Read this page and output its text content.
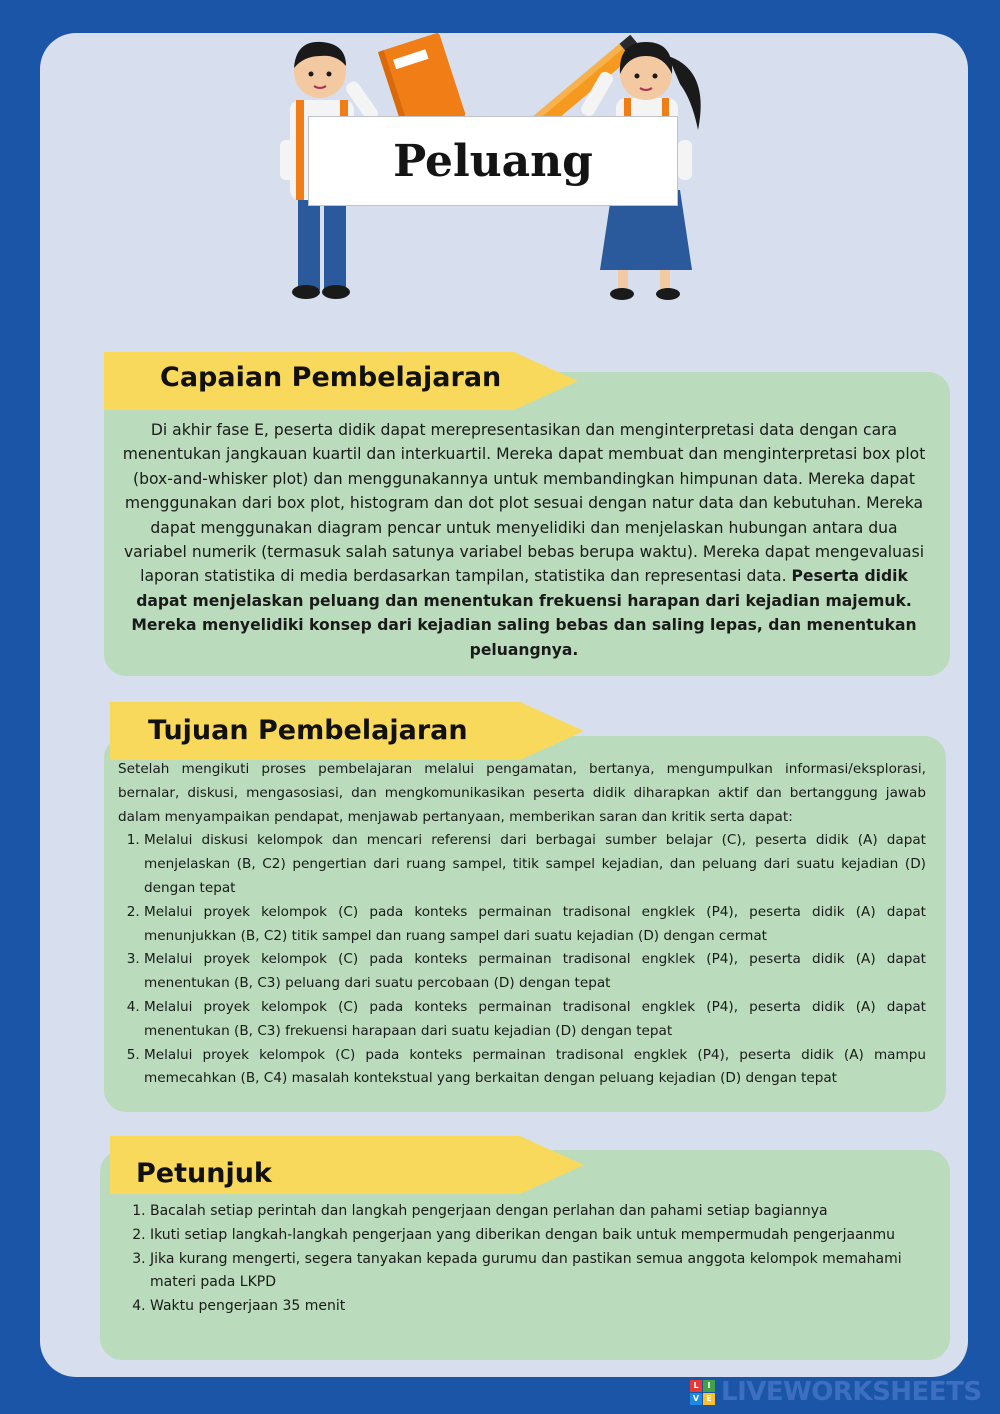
Peluang
Capaian Pembelajaran
Di akhir fase E, peserta didik dapat merepresentasikan dan menginterpretasi data dengan cara menentukan jangkauan kuartil dan interkuartil. Mereka dapat membuat dan menginterpretasi box plot (box-and-whisker plot) dan menggunakannya untuk membandingkan himpunan data. Mereka dapat menggunakan dari box plot, histogram dan dot plot sesuai dengan natur data dan kebutuhan. Mereka dapat menggunakan diagram pencar untuk menyelidiki dan menjelaskan hubungan antara dua variabel numerik (termasuk salah satunya variabel bebas berupa waktu). Mereka dapat mengevaluasi laporan statistika di media berdasarkan tampilan, statistika dan representasi data. Peserta didik dapat menjelaskan peluang dan menentukan frekuensi harapan dari kejadian majemuk. Mereka menyelidiki konsep dari kejadian saling bebas dan saling lepas, dan menentukan peluangnya.
Tujuan Pembelajaran
Setelah mengikuti proses pembelajaran melalui pengamatan, bertanya, mengumpulkan informasi/eksplorasi, bernalar, diskusi, mengasosiasi, dan mengkomunikasikan peserta didik diharapkan aktif dan bertanggung jawab dalam menyampaikan pendapat, menjawab pertanyaan, memberikan saran dan kritik serta dapat:
1. Melalui diskusi kelompok dan mencari referensi dari berbagai sumber belajar (C), peserta didik (A) dapat menjelaskan (B, C2) pengertian dari ruang sampel, titik sampel kejadian, dan peluang dari suatu kejadian (D) dengan tepat
2. Melalui proyek kelompok (C) pada konteks permainan tradisonal engklek (P4), peserta didik (A) dapat menunjukkan (B, C2) titik sampel dan ruang sampel dari suatu kejadian (D) dengan cermat
3. Melalui proyek kelompok (C) pada konteks permainan tradisonal engklek (P4), peserta didik (A) dapat menentukan (B, C3) peluang dari suatu percobaan (D) dengan tepat
4. Melalui proyek kelompok (C) pada konteks permainan tradisonal engklek (P4), peserta didik (A) dapat menentukan (B, C3) frekuensi harapaan dari suatu kejadian (D) dengan tepat
5. Melalui proyek kelompok (C) pada konteks permainan tradisonal engklek (P4), peserta didik (A) mampu memecahkan (B, C4) masalah kontekstual yang berkaitan dengan peluang kejadian (D) dengan tepat
Petunjuk
1. Bacalah setiap perintah dan langkah pengerjaan dengan perlahan dan pahami setiap bagiannya
2. Ikuti setiap langkah-langkah pengerjaan yang diberikan dengan baik untuk mempermudah pengerjaanmu
3. Jika kurang mengerti, segera tanyakan kepada gurumu dan pastikan semua anggota kelompok memahami materi pada LKPD
4. Waktu pengerjaan 35 menit
L	I
V E LIVEWORKSHEETS
